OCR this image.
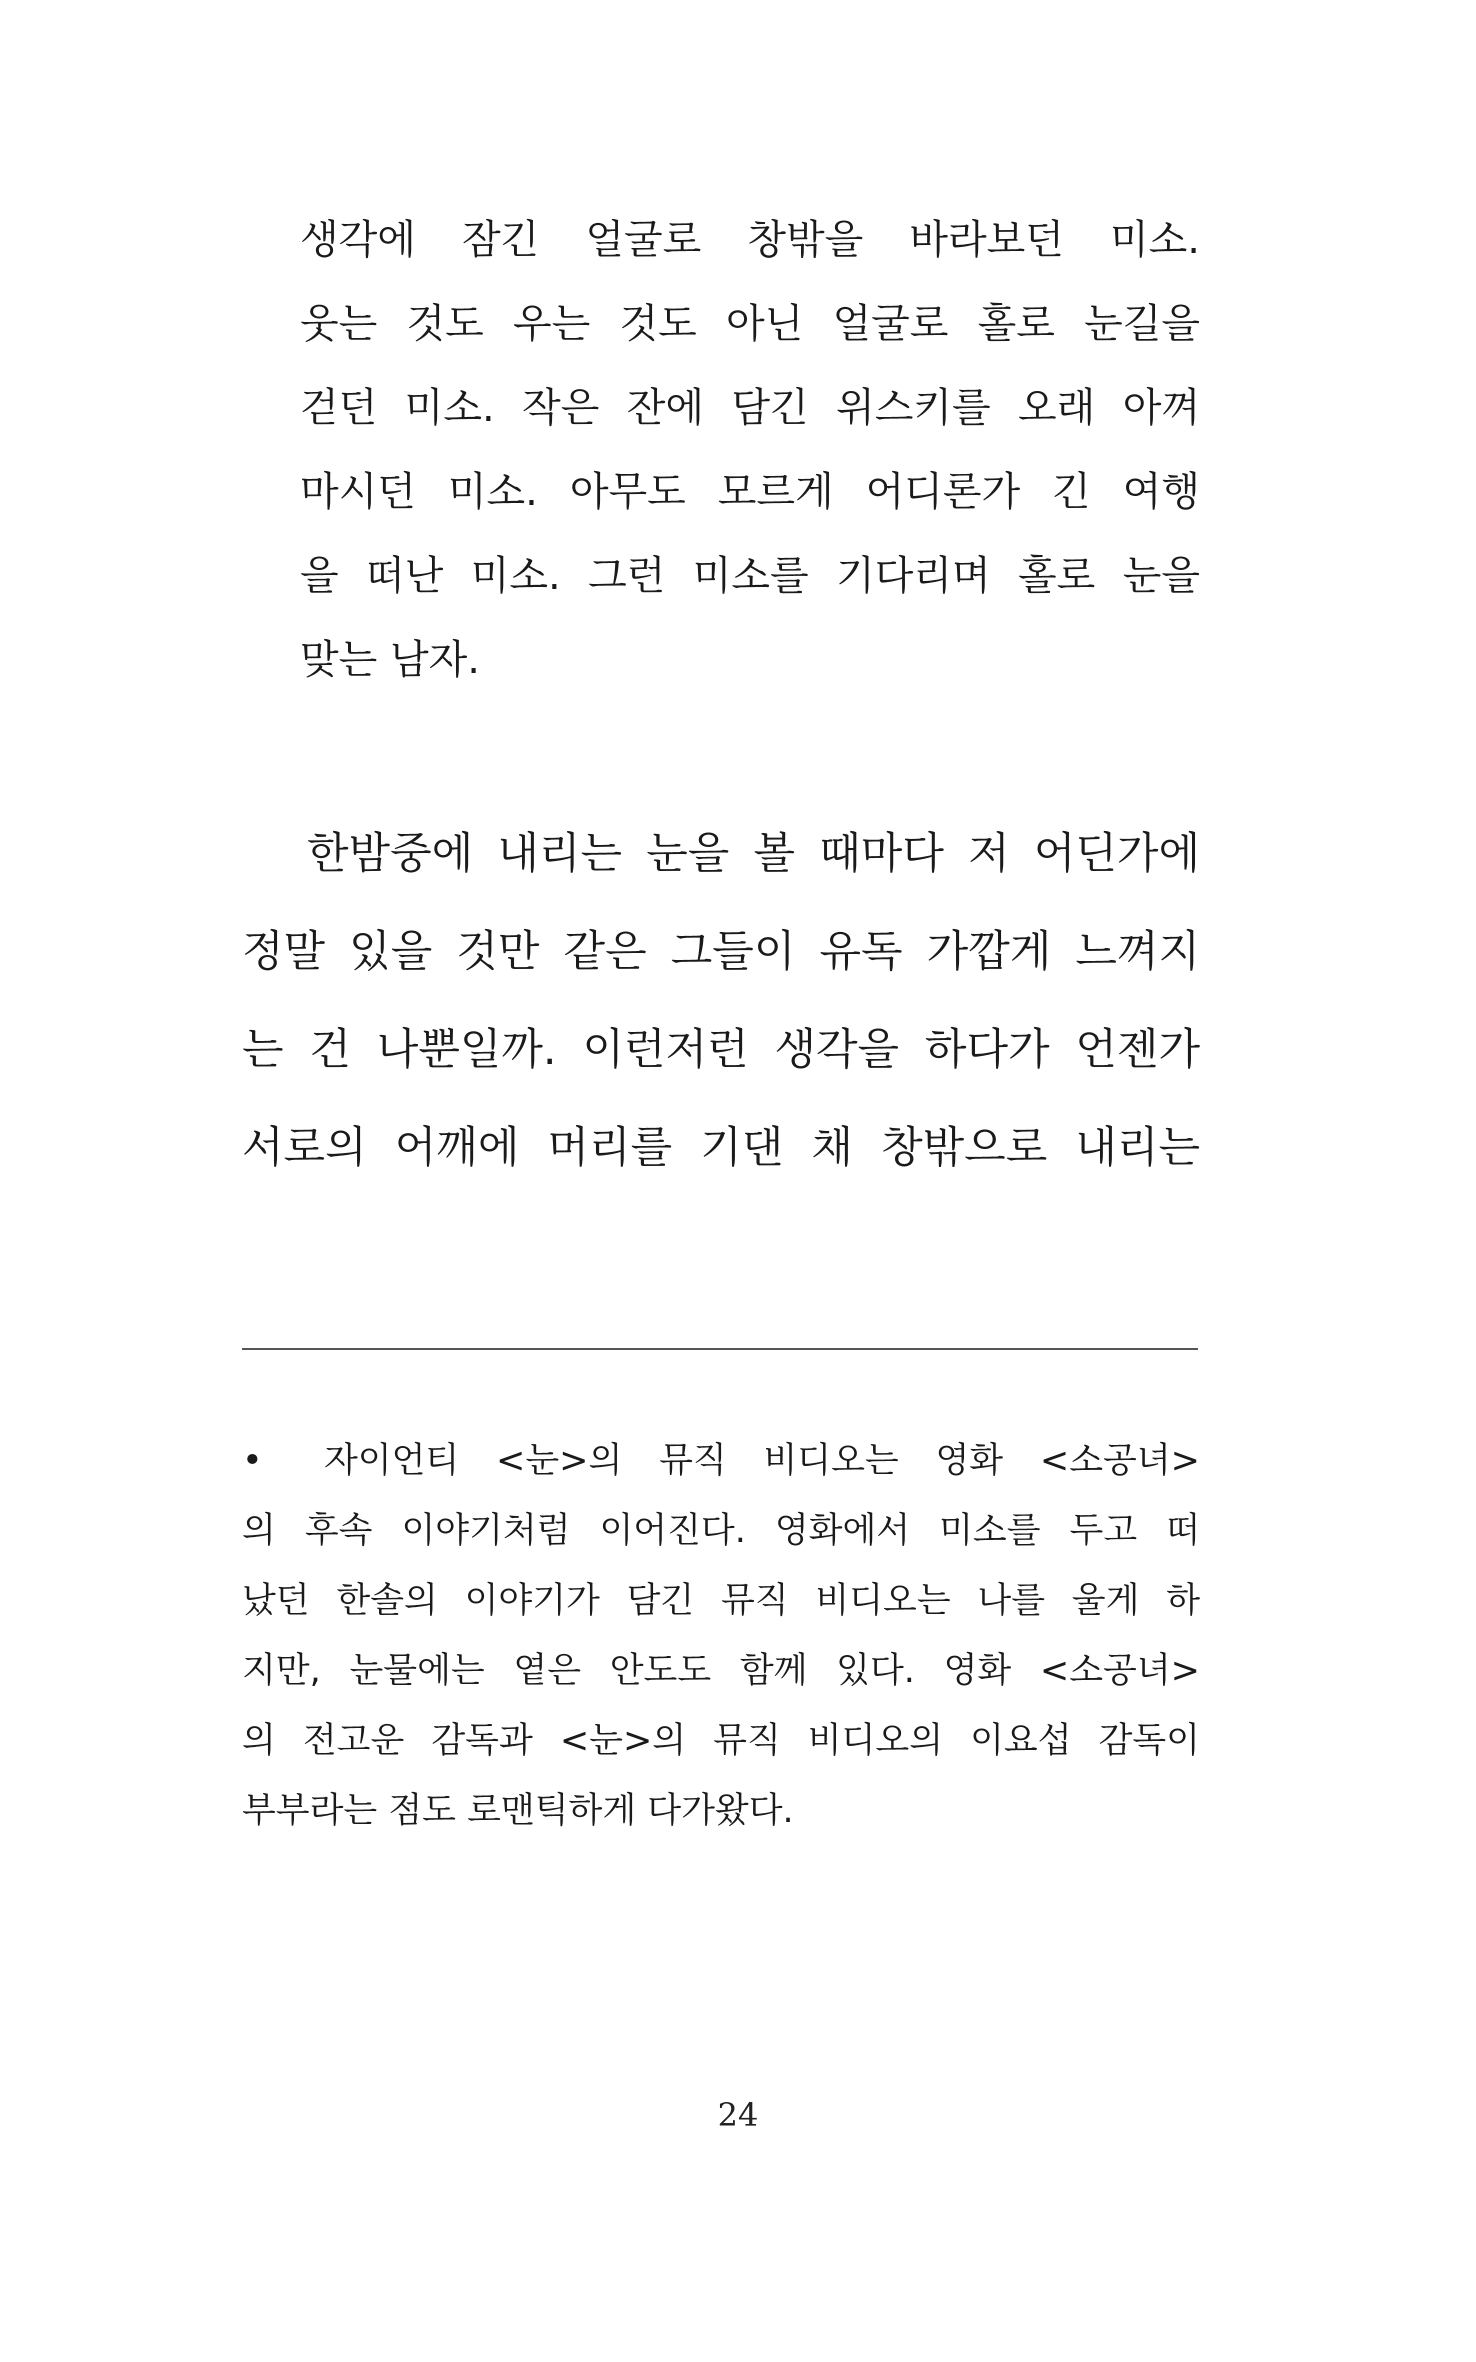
생각에 잠긴 얼굴로 창밖을 바라보던 미소.
웃는 것도 우는 것도 아닌 얼굴로 홀로 눈길을
걷던 미소. 작은 잔에 담긴 위스키를 오래 아껴
마시던 미소. 아무도 모르게 어디론가 긴 여행
을 떠난 미소. 그런 미소를 기다리며 홀로 눈을
맞는 남자.
한밤중에 내리는 눈을 볼 때마다 저 어딘가에
정말 있을 것만 같은 그들이 유독 가깝게 느껴지
는 건 나뿐일까. 이런저런 생각을 하다가 언젠가
서로의 어깨에 머리를 기댄 채 창밖으로 내리는
• 자이언티 <눈>의 뮤직 비디오는 영화 <소공녀>
의 후속 이야기처럼 이어진다. 영화에서 미소를 두고 떠
났던 한솔의 이야기가 담긴 뮤직 비디오는 나를 울게 하
지만, 눈물에는 옅은 안도도 함께 있다. 영화 <소공녀>
의 전고운 감독과 <눈>의 뮤직 비디오의 이요섭 감독이
부부라는 점도 로맨틱하게 다가왔다.
24
